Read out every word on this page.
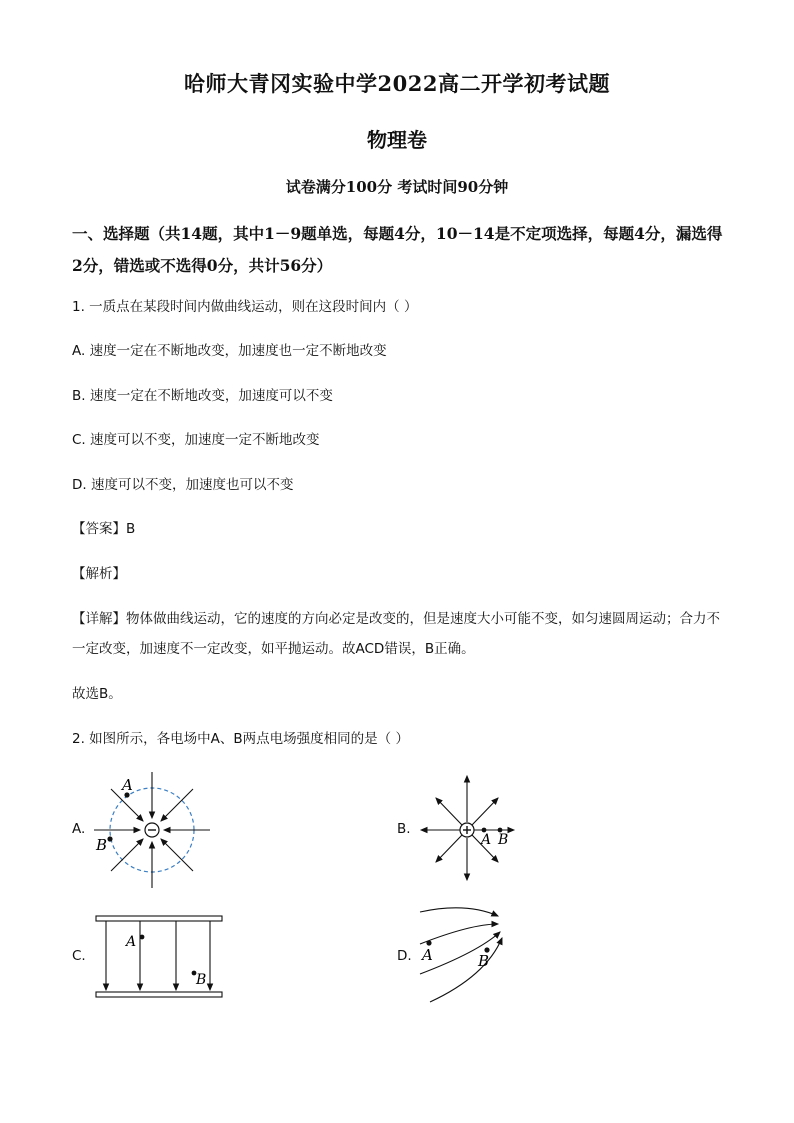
哈师大青冈实验中学2022高二开学初考试题
物理卷
试卷满分100分 考试时间90分钟
一、选择题（共14题，其中1－9题单选，每题4分，10－14是不定项选择，每题4分，漏选得2分，错选或不选得0分，共计56分）
1. 一质点在某段时间内做曲线运动，则在这段时间内（ ）
A. 速度一定在不断地改变，加速度也一定不断地改变
B. 速度一定在不断地改变，加速度可以不变
C. 速度可以不变，加速度一定不断地改变
D. 速度可以不变，加速度也可以不变
【答案】B
【解析】
【详解】物体做曲线运动，它的速度的方向必定是改变的，但是速度大小可能不变，如匀速圆周运动；合力不一定改变，加速度不一定改变，如平抛运动。故ACD错误，B正确。
故选B。
2. 如图所示，各电场中A、B两点电场强度相同的是（ ）
A.	B.
C.	D.
A
B	A B
A
B
A	B
